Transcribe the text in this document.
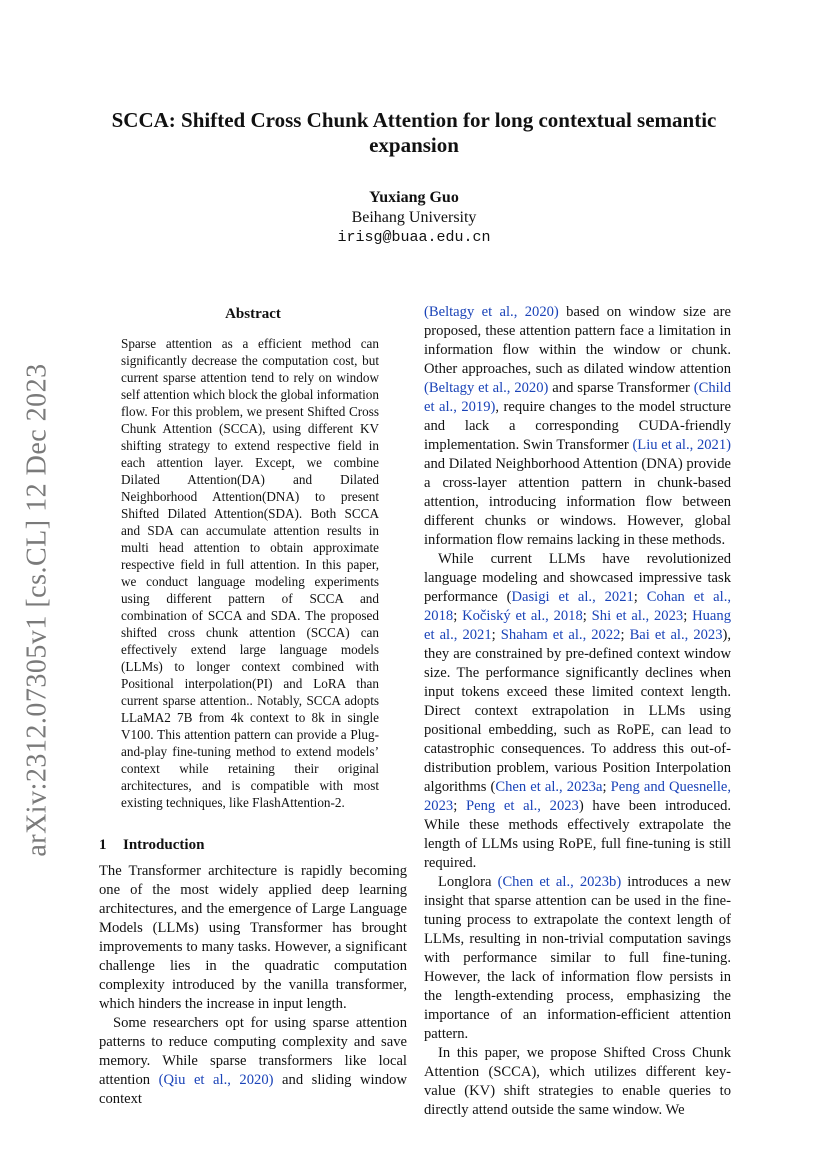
arXiv:2312.07305v1 [cs.CL] 12 Dec 2023
SCCA: Shifted Cross Chunk Attention for long contextual semantic expansion
Yuxiang Guo
Beihang University
irisg@buaa.edu.cn
Abstract

Sparse attention as a efficient method can significantly decrease the computation cost, but current sparse attention tend to rely on window self attention which block the global information flow. For this problem, we present Shifted Cross Chunk Attention (SCCA), using different KV shifting strategy to extend respective field in each attention layer. Except, we combine Dilated Attention(DA) and Dilated Neighborhood Attention(DNA) to present Shifted Dilated Attention(SDA). Both SCCA and SDA can accumulate attention results in multi head attention to obtain approximate respective field in full attention. In this paper, we conduct language modeling experiments using different pattern of SCCA and combination of SCCA and SDA. The proposed shifted cross chunk attention (SCCA) can effectively extend large language models (LLMs) to longer context combined with Positional interpolation(PI) and LoRA than current sparse attention.. Notably, SCCA adopts LLaMA2 7B from 4k context to 8k in single V100. This attention pattern can provide a Plug-and-play fine-tuning method to extend models’ context while retaining their original architectures, and is compatible with most existing techniques, like FlashAttention-2.

1 Introduction

The Transformer architecture is rapidly becoming one of the most widely applied deep learning architectures, and the emergence of Large Language Models (LLMs) using Transformer has brought improvements to many tasks. However, a significant challenge lies in the quadratic computation complexity introduced by the vanilla transformer, which hinders the increase in input length.

Some researchers opt for using sparse attention patterns to reduce computing complexity and save memory. While sparse transformers like local attention (Qiu et al., 2020) and sliding window context

(Beltagy et al., 2020) based on window size are proposed, these attention pattern face a limitation in information flow within the window or chunk. Other approaches, such as dilated window attention (Beltagy et al., 2020) and sparse Transformer (Child et al., 2019), require changes to the model structure and lack a corresponding CUDA-friendly implementation. Swin Transformer (Liu et al., 2021) and Dilated Neighborhood Attention (DNA) provide a cross-layer attention pattern in chunk-based attention, introducing information flow between different chunks or windows. However, global information flow remains lacking in these methods.

While current LLMs have revolutionized language modeling and showcased impressive task performance (Dasigi et al., 2021; Cohan et al., 2018; Kočiský et al., 2018; Shi et al., 2023; Huang et al., 2021; Shaham et al., 2022; Bai et al., 2023), they are constrained by pre-defined context window size. The performance significantly declines when input tokens exceed these limited context length. Direct context extrapolation in LLMs using positional embedding, such as RoPE, can lead to catastrophic consequences. To address this out-of-distribution problem, various Position Interpolation algorithms (Chen et al., 2023a; Peng and Quesnelle, 2023; Peng et al., 2023) have been introduced. While these methods effectively extrapolate the length of LLMs using RoPE, full fine-tuning is still required.

Longlora (Chen et al., 2023b) introduces a new insight that sparse attention can be used in the fine-tuning process to extrapolate the context length of LLMs, resulting in non-trivial computation savings with performance similar to full fine-tuning. However, the lack of information flow persists in the length-extending process, emphasizing the importance of an information-efficient attention pattern.

In this paper, we propose Shifted Cross Chunk Attention (SCCA), which utilizes different key-value (KV) shift strategies to enable queries to directly attend outside the same window. We
